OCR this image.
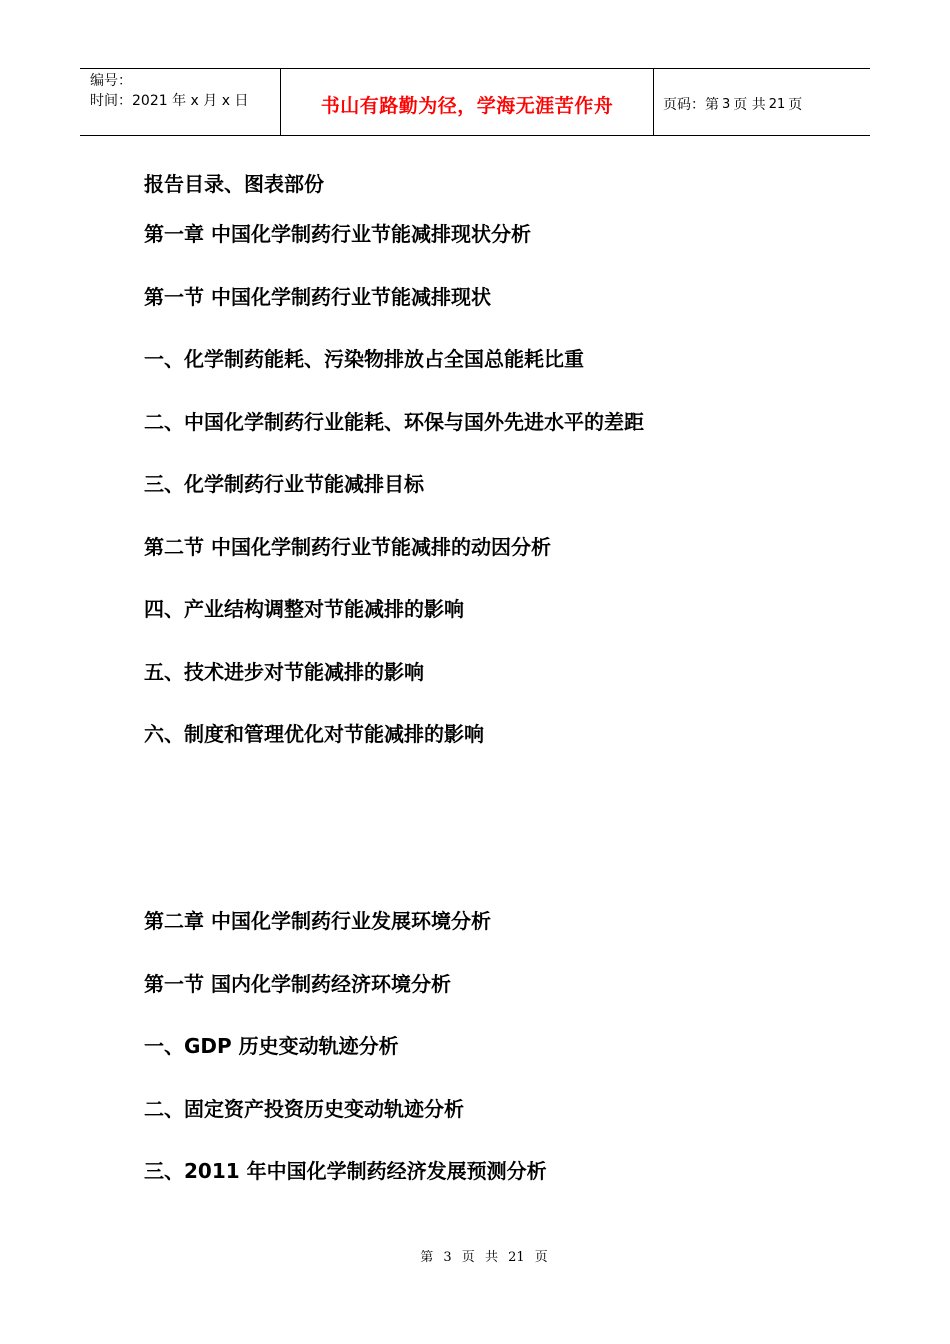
编号：
时间：2021 年 x 月 x 日	书山有路勤为径，学海无涯苦作舟	页码：第 3 页 共 21 页
报告目录、图表部份
第一章 中国化学制药行业节能减排现状分析
第一节 中国化学制药行业节能减排现状
一、化学制药能耗、污染物排放占全国总能耗比重
二、中国化学制药行业能耗、环保与国外先进水平的差距
三、化学制药行业节能减排目标
第二节 中国化学制药行业节能减排的动因分析
四、产业结构调整对节能减排的影响
五、技术进步对节能减排的影响
六、制度和管理优化对节能减排的影响
第二章 中国化学制药行业发展环境分析
第一节 国内化学制药经济环境分析
一、GDP 历史变动轨迹分析
二、固定资产投资历史变动轨迹分析
三、2011 年中国化学制药经济发展预测分析
第 3 页 共 21 页
